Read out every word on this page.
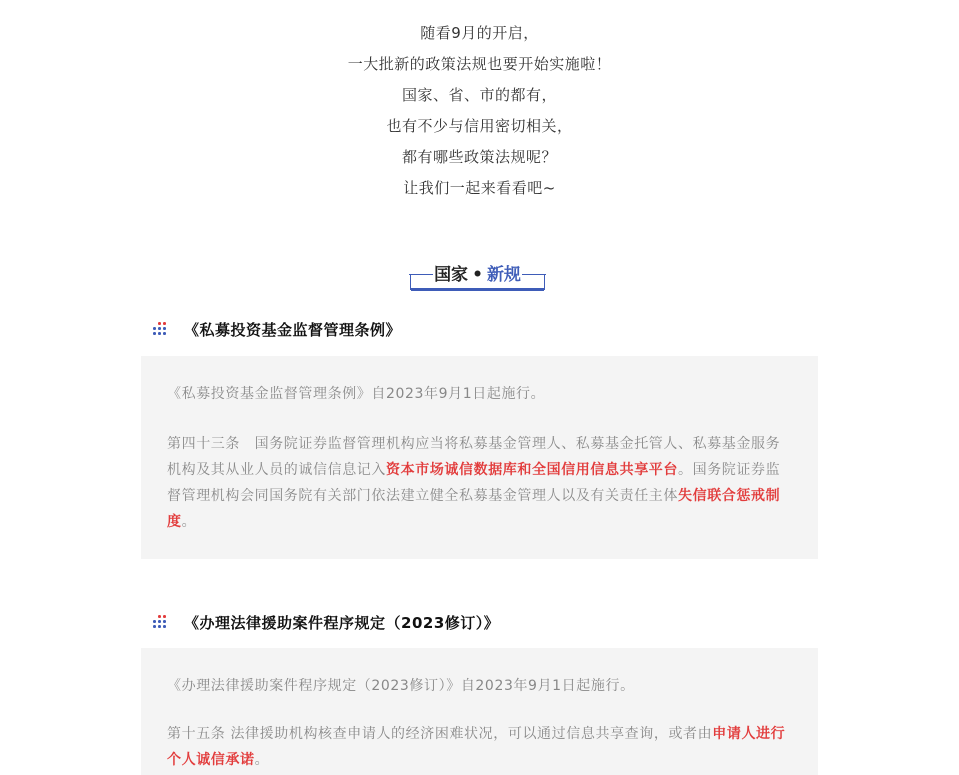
随看9月的开启，
一大批新的政策法规也要开始实施啦！
国家、省、市的都有，
也有不少与信用密切相关，
都有哪些政策法规呢？
让我们一起来看看吧~
国家 • 新规
《私募投资基金监督管理条例》

《私募投资基金监督管理条例》自2023年9月1日起施行。

第四十三条　国务院证券监督管理机构应当将私募基金管理人、私募基金托管人、私募基金服务机构及其从业人员的诚信信息记入资本市场诚信数据库和全国信用信息共享平台。国务院证券监督管理机构会同国务院有关部门依法建立健全私募基金管理人以及有关责任主体失信联合惩戒制度。

《办理法律援助案件程序规定（2023修订）》

《办理法律援助案件程序规定（2023修订）》自2023年9月1日起施行。

第十五条 法律援助机构核查申请人的经济困难状况，可以通过信息共享查询，或者由申请人进行个人诚信承诺。
